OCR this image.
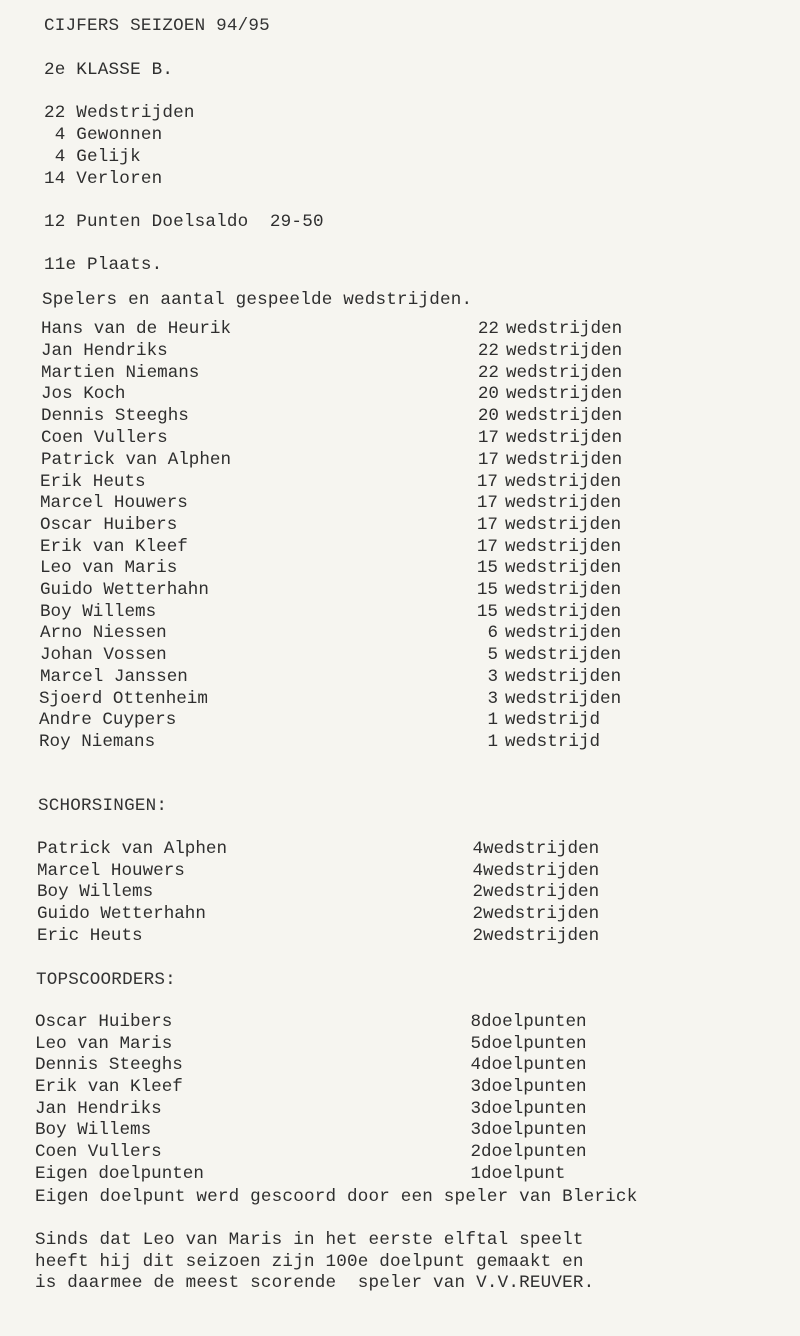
CIJFERS SEIZOEN 94/95
2e KLASSE B.
22 Wedstrijden
4 Gewonnen
4 Gelijk
14 Verloren
12 Punten Doelsaldo  29-50
11e Plaats.
Spelers en aantal gespeelde wedstrijden.
Hans van de Heurik	22 wedstrijden
Jan Hendriks	22 wedstrijden
Martien Niemans	22 wedstrijden
Jos Koch	20 wedstrijden
Dennis Steeghs	20 wedstrijden
Coen Vullers	17 wedstrijden
Patrick van Alphen	17 wedstrijden
Erik Heuts	17 wedstrijden
Marcel Houwers	17 wedstrijden
Oscar Huibers	17 wedstrijden
Erik van Kleef	17 wedstrijden
Leo van Maris	15 wedstrijden
Guido Wetterhahn	15 wedstrijden
Boy Willems	15 wedstrijden
Arno Niessen	6 wedstrijden
Johan Vossen	5 wedstrijden
Marcel Janssen	3 wedstrijden
Sjoerd Ottenheim	3 wedstrijden
Andre Cuypers	1 wedstrijd
Roy Niemans	1 wedstrijd
SCHORSINGEN:
Patrick van Alphen	4 wedstrijden
Marcel Houwers	4 wedstrijden
Boy Willems	2 wedstrijden
Guido Wetterhahn	2 wedstrijden
Eric Heuts	2 wedstrijden
TOPSCOORDERS:
Oscar Huibers	8 doelpunten
Leo van Maris	5 doelpunten
Dennis Steeghs	4 doelpunten
Erik van Kleef	3 doelpunten
Jan Hendriks	3 doelpunten
Boy Willems	3 doelpunten
Coen Vullers	2 doelpunten
Eigen doelpunten	1 doelpunt
Eigen doelpunt werd gescoord door een speler van Blerick
Sinds dat Leo van Maris in het eerste elftal speelt
heeft hij dit seizoen zijn 100e doelpunt gemaakt en
is daarmee de meest scorende  speler van V.V.REUVER.
